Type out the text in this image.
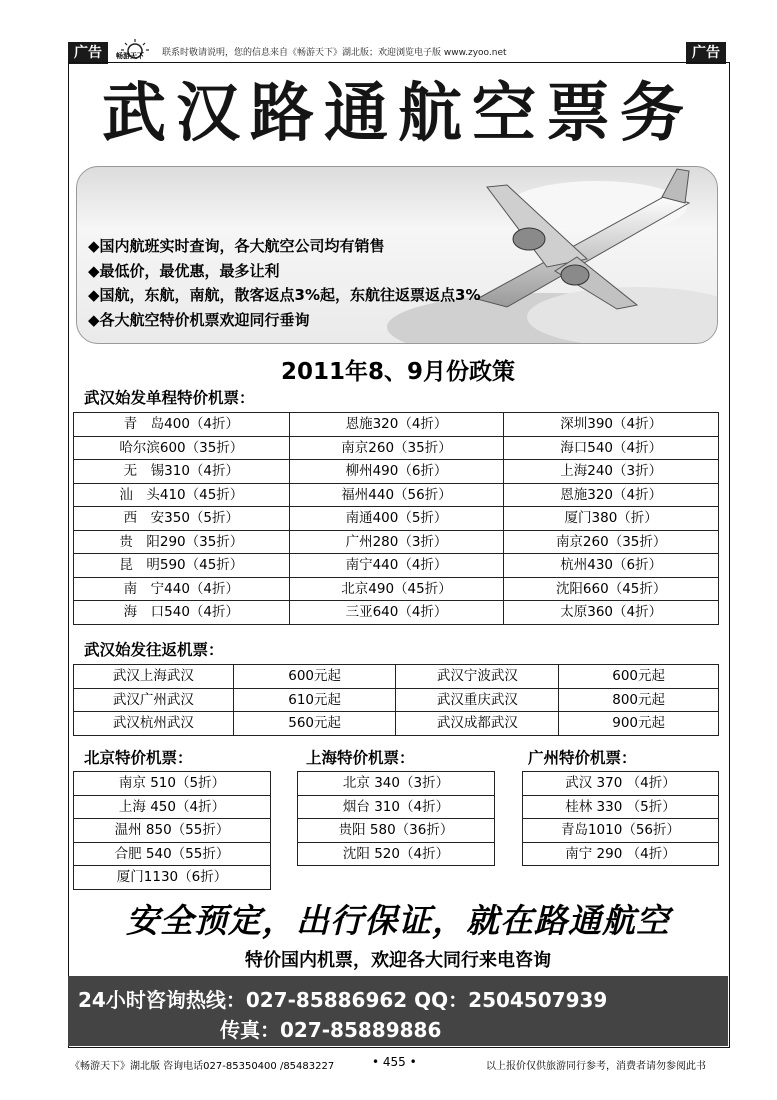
广告	广告
畅游天下 联系时敬请说明，您的信息来自《畅游天下》湖北版；欢迎浏览电子版 www.zyoo.net
武汉路通航空票务
◆国内航班实时查询，各大航空公司均有销售
◆最低价，最优惠，最多让利
◆国航，东航，南航，散客返点3%起，东航往返票返点3%
◆各大航空特价机票欢迎同行垂询
2011年8、9月份政策
武汉始发单程特价机票：
青　岛400（4折）	恩施320（4折）	深圳390（4折）
哈尔滨600（35折）	南京260（35折）	海口540（4折）
无　锡310（4折）	柳州490（6折）	上海240（3折）
汕　头410（45折）	福州440（56折）	恩施320（4折）
西　安350（5折）	南通400（5折）	厦门380（折）
贵　阳290（35折）	广州280（3折）	南京260（35折）
昆　明590（45折）	南宁440（4折）	杭州430（6折）
南　宁440（4折）	北京490（45折）	沈阳660（45折）
海　口540（4折）	三亚640（4折）	太原360（4折）
武汉始发往返机票：
武汉上海武汉	600元起	武汉宁波武汉	600元起
武汉广州武汉	610元起	武汉重庆武汉	800元起
武汉杭州武汉	560元起	武汉成都武汉	900元起
北京特价机票：
南京 510（5折）
上海 450（4折）
温州 850（55折）
合肥 540（55折）
厦门1130（6折）
上海特价机票：
北京 340（3折）
烟台 310（4折）
贵阳 580（36折）
沈阳 520（4折）
广州特价机票：
武汉 370 （4折）
桂林 330 （5折）
青岛1010（56折）
南宁 290 （4折）
安全预定，出行保证，就在路通航空
特价国内机票，欢迎各大同行来电咨询
24小时咨询热线：027-85886962 QQ：2504507939
传真：027-85889886
《畅游天下》湖北版 咨询电话027-85350400 /85483227	• 455 •	以上报价仅供旅游同行参考，消费者请勿参阅此书
